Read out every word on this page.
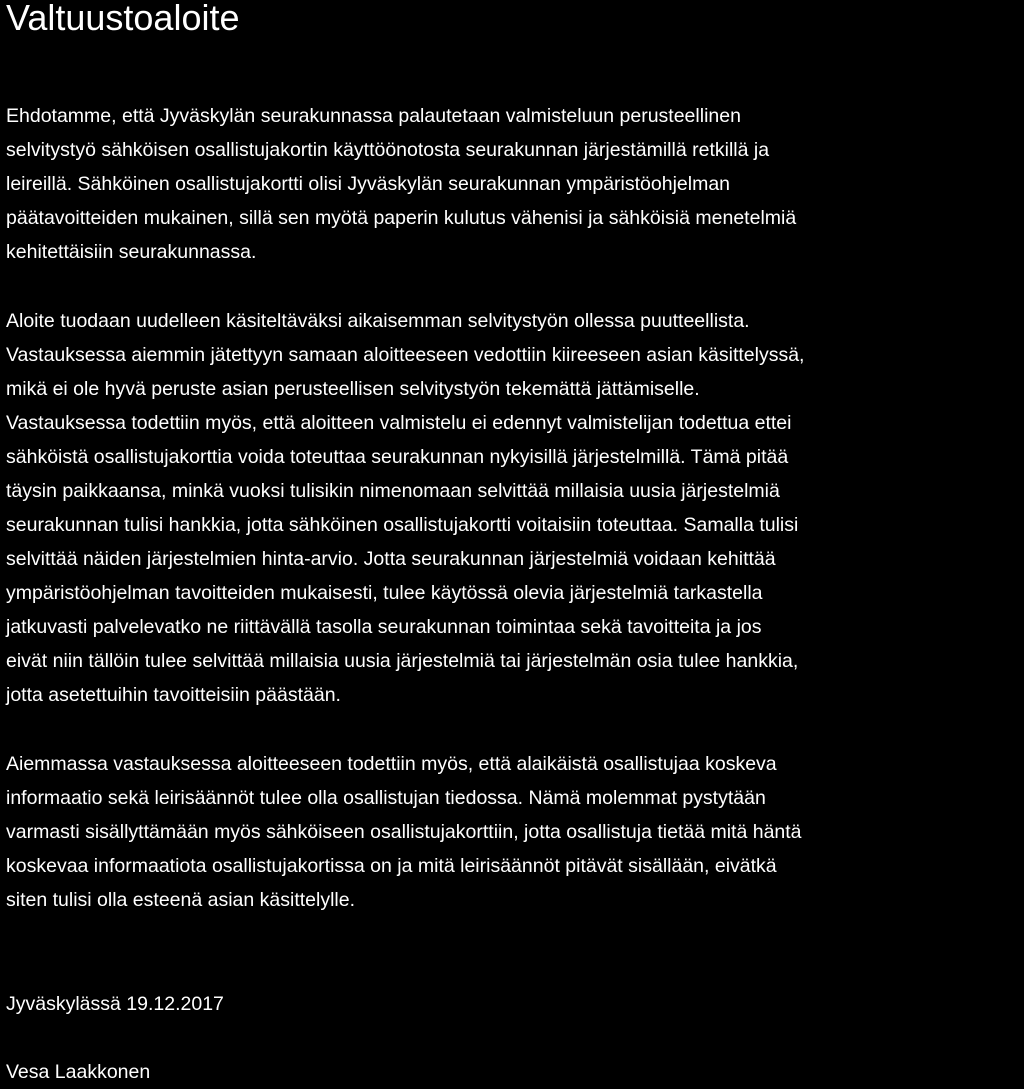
Valtuustoaloite

Ehdotamme, että Jyväskylän seurakunnassa palautetaan valmisteluun perusteellinen
selvitystyö sähköisen osallistujakortin käyttöönotosta seurakunnan järjestämillä retkillä ja
leireillä. Sähköinen osallistujakortti olisi Jyväskylän seurakunnan ympäristöohjelman
päätavoitteiden mukainen, sillä sen myötä paperin kulutus vähenisi ja sähköisiä menetelmiä
kehitettäisiin seurakunnassa.

Aloite tuodaan uudelleen käsiteltäväksi aikaisemman selvitystyön ollessa puutteellista.
Vastauksessa aiemmin jätettyyn samaan aloitteeseen vedottiin kiireeseen asian käsittelyssä,
mikä ei ole hyvä peruste asian perusteellisen selvitystyön tekemättä jättämiselle.
Vastauksessa todettiin myös, että aloitteen valmistelu ei edennyt valmistelijan todettua ettei
sähköistä osallistujakorttia voida toteuttaa seurakunnan nykyisillä järjestelmillä. Tämä pitää
täysin paikkaansa, minkä vuoksi tulisikin nimenomaan selvittää millaisia uusia järjestelmiä
seurakunnan tulisi hankkia, jotta sähköinen osallistujakortti voitaisiin toteuttaa. Samalla tulisi
selvittää näiden järjestelmien hinta-arvio. Jotta seurakunnan järjestelmiä voidaan kehittää
ympäristöohjelman tavoitteiden mukaisesti, tulee käytössä olevia järjestelmiä tarkastella
jatkuvasti palvelevatko ne riittävällä tasolla seurakunnan toimintaa sekä tavoitteita ja jos
eivät niin tällöin tulee selvittää millaisia uusia järjestelmiä tai järjestelmän osia tulee hankkia,
jotta asetettuihin tavoitteisiin päästään.

Aiemmassa vastauksessa aloitteeseen todettiin myös, että alaikäistä osallistujaa koskeva
informaatio sekä leirisäännöt tulee olla osallistujan tiedossa. Nämä molemmat pystytään
varmasti sisällyttämään myös sähköiseen osallistujakorttiin, jotta osallistuja tietää mitä häntä
koskevaa informaatiota osallistujakortissa on ja mitä leirisäännöt pitävät sisällään, eivätkä
siten tulisi olla esteenä asian käsittelylle.

Jyväskylässä 19.12.2017

Vesa Laakkonen
